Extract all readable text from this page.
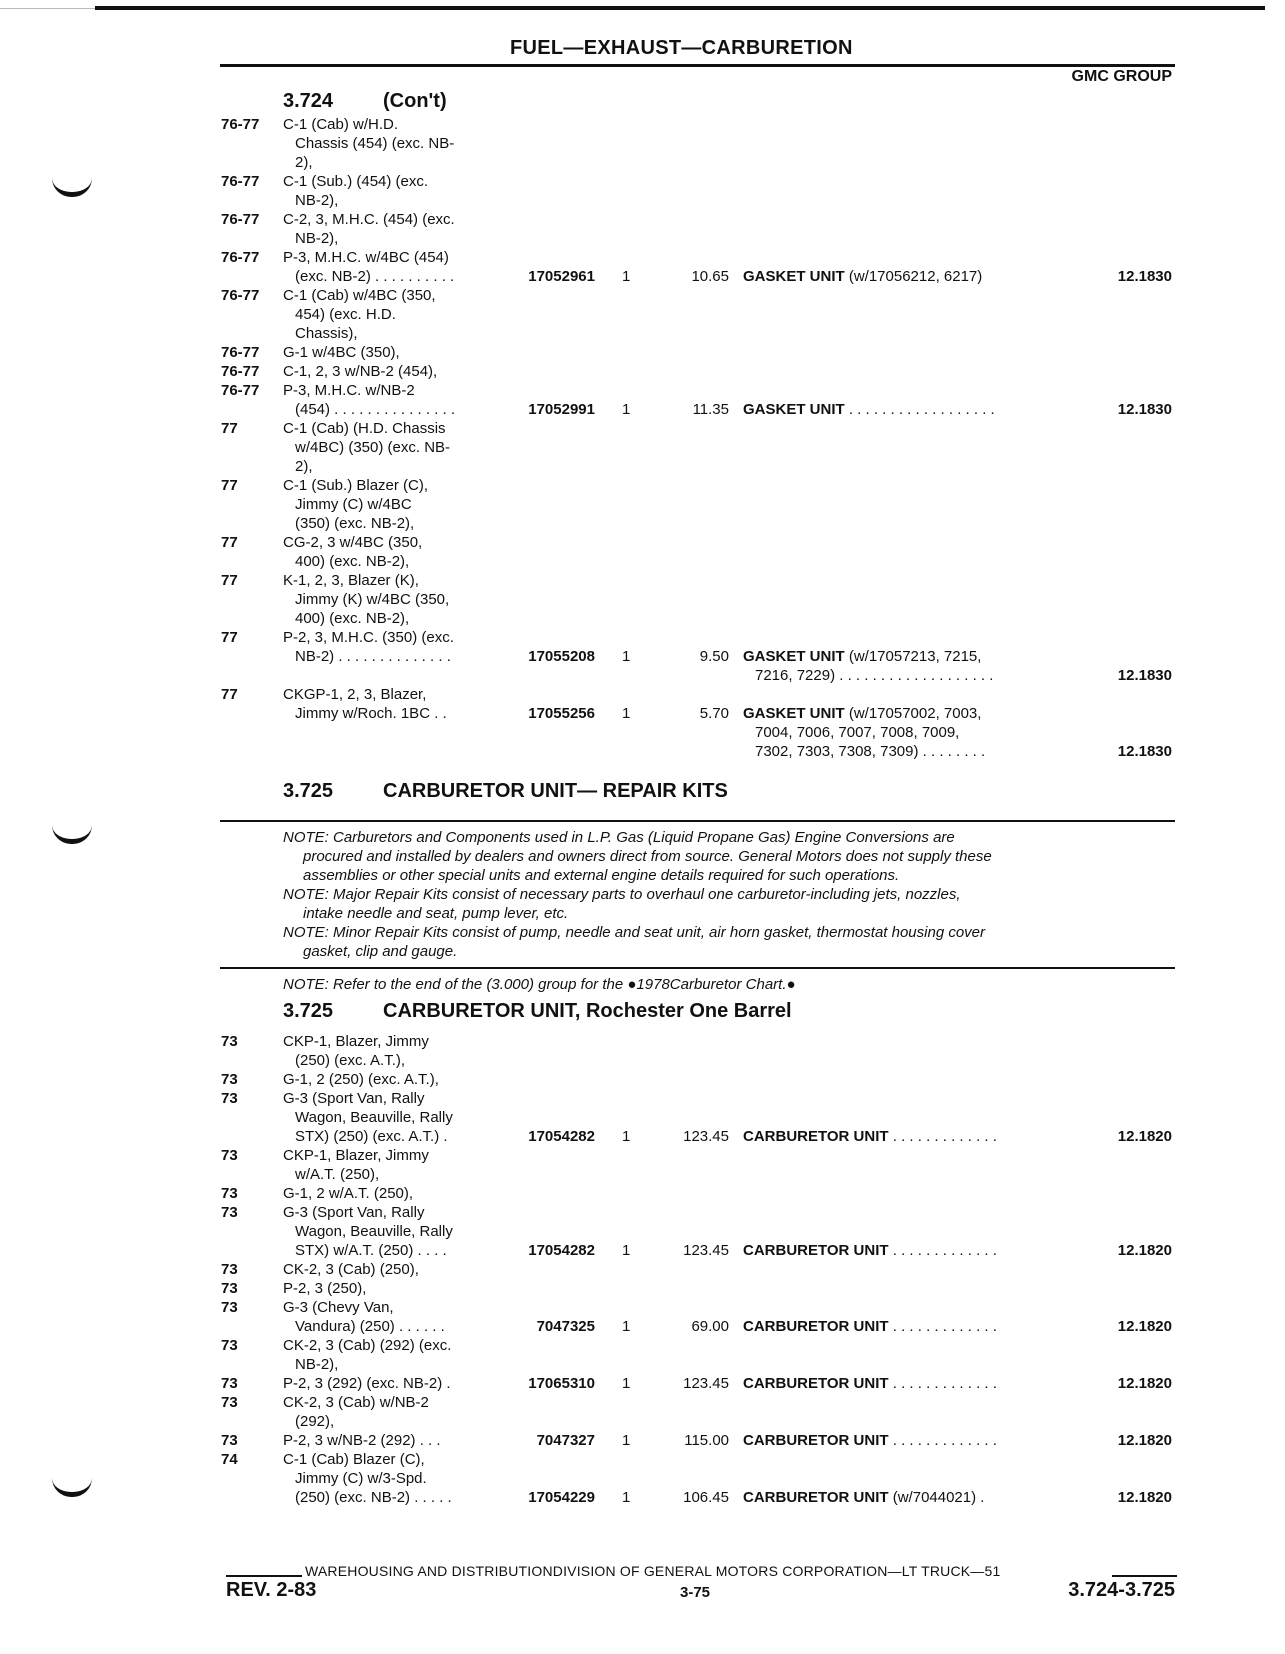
FUEL—EXHAUST—CARBURETION
GMC GROUP
3.724 (Con't)
76-77 C-1 (Cab) w/H.D.
Chassis (454) (exc. NB-
2),
76-77 C-1 (Sub.) (454) (exc.
NB-2),
76-77 C-2, 3, M.H.C. (454) (exc.
NB-2),
76-77 P-3, M.H.C. w/4BC (454)
(exc. NB-2) . . . . . . . . . .	17052961 1	10.65 GASKET UNIT (w/17056212, 6217)	12.1830
76-77 C-1 (Cab) w/4BC (350,
454) (exc. H.D.
Chassis),
76-77 G-1 w/4BC (350),
76-77 C-1, 2, 3 w/NB-2 (454),
76-77 P-3, M.H.C. w/NB-2
(454) . . . . . . . . . . . . . . .	17052991 1	11.35 GASKET UNIT . . . . . . . . . . . . . . . . . .	12.1830
77	C-1 (Cab) (H.D. Chassis
w/4BC) (350) (exc. NB-
2),
77	C-1 (Sub.) Blazer (C),
Jimmy (C) w/4BC
(350) (exc. NB-2),
77	CG-2, 3 w/4BC (350,
400) (exc. NB-2),
77	K-1, 2, 3, Blazer (K),
Jimmy (K) w/4BC (350,
400) (exc. NB-2),
77	P-2, 3, M.H.C. (350) (exc.
NB-2) . . . . . . . . . . . . . .	17055208 1	9.50 GASKET UNIT (w/17057213, 7215,
7216, 7229) . . . . . . . . . . . . . . . . . . .	12.1830
77	CKGP-1, 2, 3, Blazer,
Jimmy w/Roch. 1BC . .	17055256 1	5.70 GASKET UNIT (w/17057002, 7003,
7004, 7006, 7007, 7008, 7009,
7302, 7303, 7308, 7309) . . . . . . . .	12.1830
73	CKP-1, Blazer, Jimmy
(250) (exc. A.T.),
73	G-1, 2 (250) (exc. A.T.),
73	G-3 (Sport Van, Rally
Wagon, Beauville, Rally
STX) (250) (exc. A.T.) .	17054282 1	123.45 CARBURETOR UNIT . . . . . . . . . . . . .	12.1820
73	CKP-1, Blazer, Jimmy
w/A.T. (250),
73	G-1, 2 w/A.T. (250),
73	G-3 (Sport Van, Rally
Wagon, Beauville, Rally
STX) w/A.T. (250) . . . .	17054282 1	123.45 CARBURETOR UNIT . . . . . . . . . . . . .	12.1820
73	CK-2, 3 (Cab) (250),
73	P-2, 3 (250),
73	G-3 (Chevy Van,
Vandura) (250) . . . . . .	7047325 1	69.00 CARBURETOR UNIT . . . . . . . . . . . . .	12.1820
73	CK-2, 3 (Cab) (292) (exc.
NB-2),
73	P-2, 3 (292) (exc. NB-2) .	17065310 1	123.45 CARBURETOR UNIT . . . . . . . . . . . . .	12.1820
73	CK-2, 3 (Cab) w/NB-2
(292),
73	P-2, 3 w/NB-2 (292) . . .	7047327 1	115.00 CARBURETOR UNIT . . . . . . . . . . . . .	12.1820
74	C-1 (Cab) Blazer (C),
Jimmy (C) w/3-Spd.
(250) (exc. NB-2) . . . . .	17054229 1	106.45 CARBURETOR UNIT (w/7044021) .	12.1820
3.725 CARBURETOR UNIT— REPAIR KITS
NOTE: Carburetors and Components used in L.P. Gas (Liquid Propane Gas) Engine Conversions are
procured and installed by dealers and owners direct from source. General Motors does not supply these
assemblies or other special units and external engine details required for such operations.
NOTE: Major Repair Kits consist of necessary parts to overhaul one carburetor-including jets, nozzles,
intake needle and seat, pump lever, etc.
NOTE: Minor Repair Kits consist of pump, needle and seat unit, air horn gasket, thermostat housing cover
gasket, clip and gauge.
NOTE: Refer to the end of the (3.000) group for the ●1978Carburetor Chart.●
3.725 CARBURETOR UNIT, Rochester One Barrel
WAREHOUSING AND DISTRIBUTIONDIVISION OF GENERAL MOTORS CORPORATION—LT TRUCK—51
REV. 2-83	3-75	3.724-3.725
